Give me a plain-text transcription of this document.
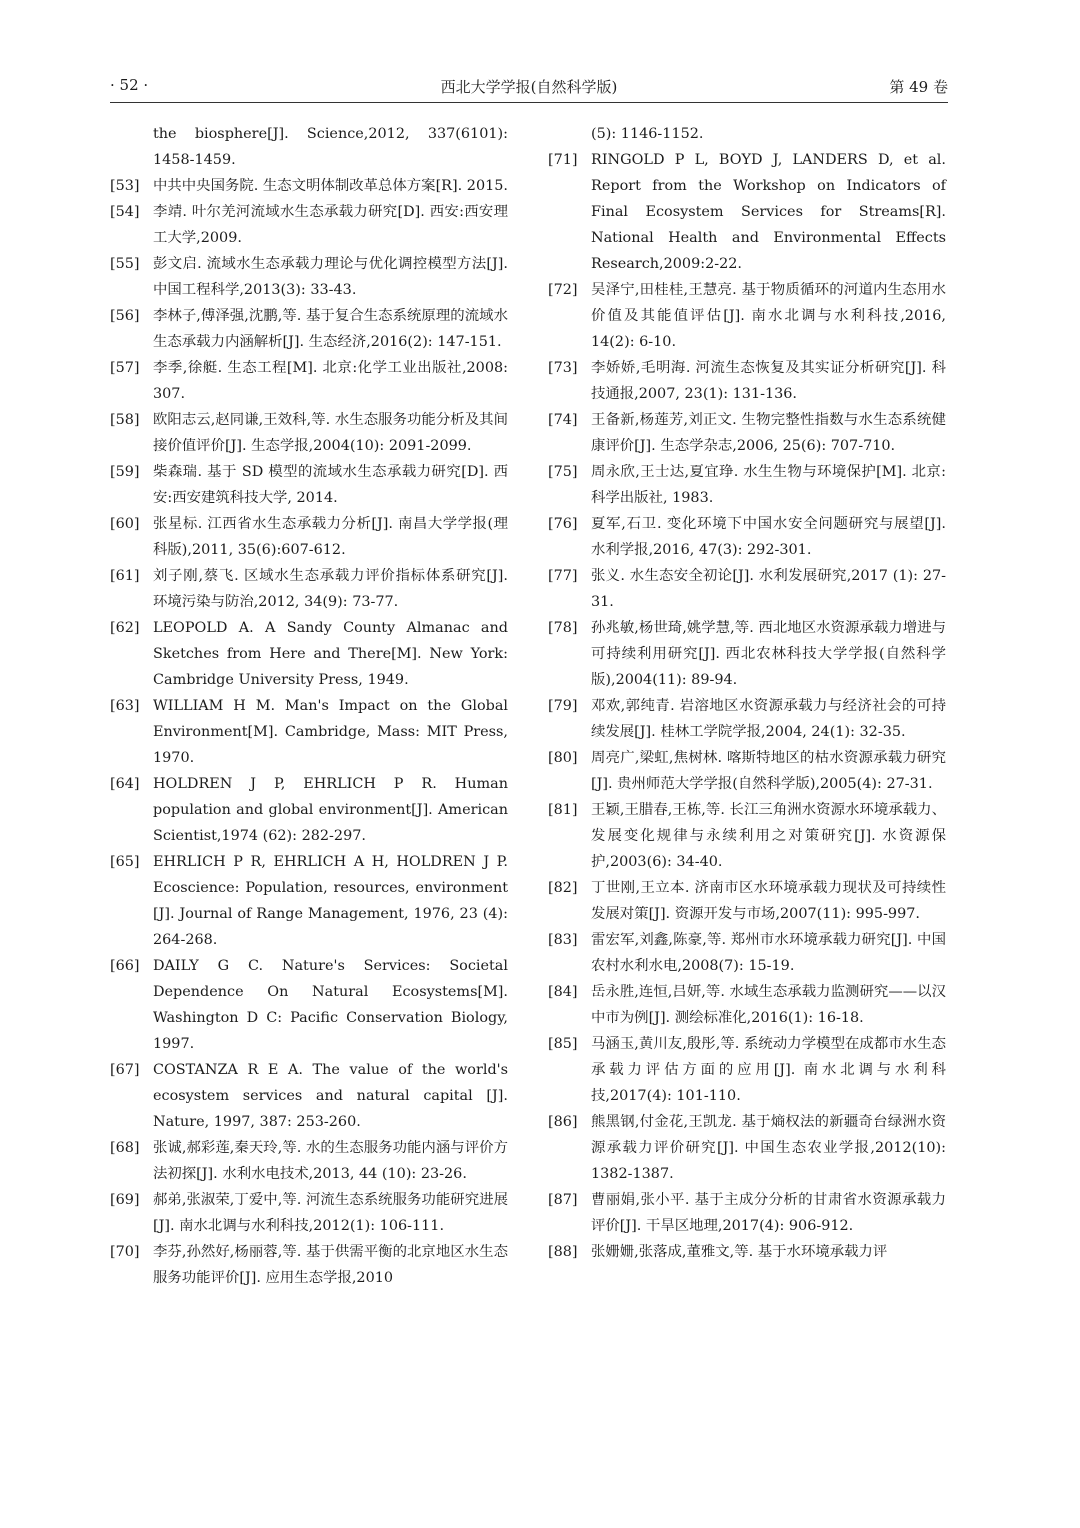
· 52 ·	西北大学学报(自然科学版)	第 49 卷

the biosphere[J]. Science,2012, 337(6101): 1458-1459.

[53] 中共中央国务院. 生态文明体制改革总体方案[R]. 2015.

[54] 李靖. 叶尔羌河流域水生态承载力研究[D]. 西安:西安理工大学,2009.

[55] 彭文启. 流域水生态承载力理论与优化调控模型方法[J]. 中国工程科学,2013(3): 33-43.

[56] 李林子,傅泽强,沈鹏,等. 基于复合生态系统原理的流域水生态承载力内涵解析[J]. 生态经济,2016(2): 147-151.

[57] 李季,徐艇. 生态工程[M]. 北京:化学工业出版社,2008: 307.

[58] 欧阳志云,赵同谦,王效科,等. 水生态服务功能分析及其间接价值评价[J]. 生态学报,2004(10): 2091-2099.

[59] 柴森瑞. 基于 SD 模型的流域水生态承载力研究[D]. 西安:西安建筑科技大学, 2014.

[60] 张星标. 江西省水生态承载力分析[J]. 南昌大学学报(理科版),2011, 35(6):607-612.

[61] 刘子刚,蔡飞. 区域水生态承载力评价指标体系研究[J]. 环境污染与防治,2012, 34(9): 73-77.

[62] LEOPOLD A. A Sandy County Almanac and Sketches from Here and There[M]. New York: Cambridge University Press, 1949.

[63] WILLIAM H M. Man's Impact on the Global Environment[M]. Cambridge, Mass: MIT Press, 1970.

[64] HOLDREN J P, EHRLICH P R. Human population and global environment[J]. American Scientist,1974 (62): 282-297.

[65] EHRLICH P R, EHRLICH A H, HOLDREN J P. Ecoscience: Population, resources, environment [J]. Journal of Range Management, 1976, 23 (4): 264-268.

[66] DAILY G C. Nature's Services: Societal Dependence On Natural Ecosystems[M]. Washington D C: Pacific Conservation Biology, 1997.

[67] COSTANZA R E A. The value of the world's ecosystem services and natural capital [J]. Nature, 1997, 387: 253-260.

[68] 张诚,郝彩莲,秦天玲,等. 水的生态服务功能内涵与评价方法初探[J]. 水利水电技术,2013, 44 (10): 23-26.

[69] 郝弟,张淑荣,丁爱中,等. 河流生态系统服务功能研究进展[J]. 南水北调与水利科技,2012(1): 106-111.

[70] 李芬,孙然好,杨丽蓉,等. 基于供需平衡的北京地区水生态服务功能评价[J]. 应用生态学报,2010

(5): 1146-1152.

[71] RINGOLD P L, BOYD J, LANDERS D, et al. Report from the Workshop on Indicators of Final Ecosystem Services for Streams[R]. National Health and Environmental Effects Research,2009:2-22.

[72] 吴泽宁,田桂桂,王慧亮. 基于物质循环的河道内生态用水价值及其能值评估[J]. 南水北调与水利科技,2016, 14(2): 6-10.

[73] 李娇娇,毛明海. 河流生态恢复及其实证分析研究[J]. 科技通报,2007, 23(1): 131-136.

[74] 王备新,杨莲芳,刘正文. 生物完整性指数与水生态系统健康评价[J]. 生态学杂志,2006, 25(6): 707-710.

[75] 周永欣,王士达,夏宜琤. 水生生物与环境保护[M]. 北京:科学出版社, 1983.

[76] 夏军,石卫. 变化环境下中国水安全问题研究与展望[J]. 水利学报,2016, 47(3): 292-301.

[77] 张义. 水生态安全初论[J]. 水利发展研究,2017 (1): 27-31.

[78] 孙兆敏,杨世琦,姚学慧,等. 西北地区水资源承载力增进与可持续利用研究[J]. 西北农林科技大学学报(自然科学版),2004(11): 89-94.

[79] 邓欢,郭纯青. 岩溶地区水资源承载力与经济社会的可持续发展[J]. 桂林工学院学报,2004, 24(1): 32-35.

[80] 周亮广,梁虹,焦树林. 喀斯特地区的枯水资源承载力研究[J]. 贵州师范大学学报(自然科学版),2005(4): 27-31.

[81] 王颖,王腊春,王栋,等. 长江三角洲水资源水环境承载力、发展变化规律与永续利用之对策研究[J]. 水资源保护,2003(6): 34-40.

[82] 丁世刚,王立本. 济南市区水环境承载力现状及可持续性发展对策[J]. 资源开发与市场,2007(11): 995-997.

[83] 雷宏军,刘鑫,陈豪,等. 郑州市水环境承载力研究[J]. 中国农村水利水电,2008(7): 15-19.

[84] 岳永胜,连恒,吕妍,等. 水域生态承载力监测研究——以汉中市为例[J]. 测绘标准化,2016(1): 16-18.

[85] 马涵玉,黄川友,殷彤,等. 系统动力学模型在成都市水生态承载力评估方面的应用[J]. 南水北调与水利科技,2017(4): 101-110.

[86] 熊黑钢,付金花,王凯龙. 基于熵权法的新疆奇台绿洲水资源承载力评价研究[J]. 中国生态农业学报,2012(10): 1382-1387.

[87] 曹丽娟,张小平. 基于主成分分析的甘肃省水资源承载力评价[J]. 干旱区地理,2017(4): 906-912.

[88] 张姗姗,张落成,董雅文,等. 基于水环境承载力评
